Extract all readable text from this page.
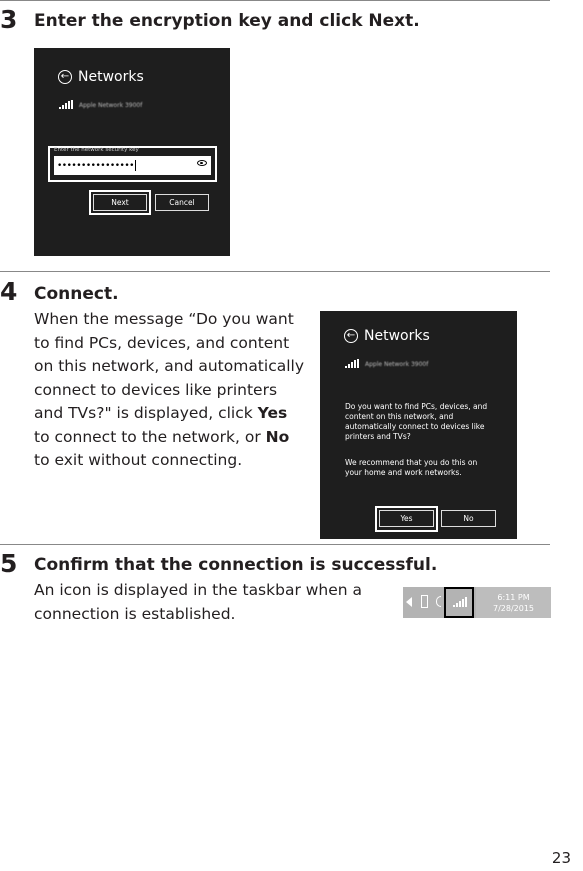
3 Enter the encryption key and click Next.
← Networks
Apple Network 3900f
Enter the network security key
••••••••••••••••
Next	Cancel
4 Connect.
When the message “Do you want to find PCs, devices, and content on this network, and automatically connect to devices like printers and TVs?" is displayed, click Yes to connect to the network, or No to exit without connecting.
← Networks
Apple Network 3900f
Do you want to find PCs, devices, and content on this network, and automatically connect to devices like printers and TVs?
We recommend that you do this on your home and work networks.
Yes	No
5 Confirm that the connection is successful.
An icon is displayed in the taskbar when a connection is established.
6:11 PM
7/28/2015
23
